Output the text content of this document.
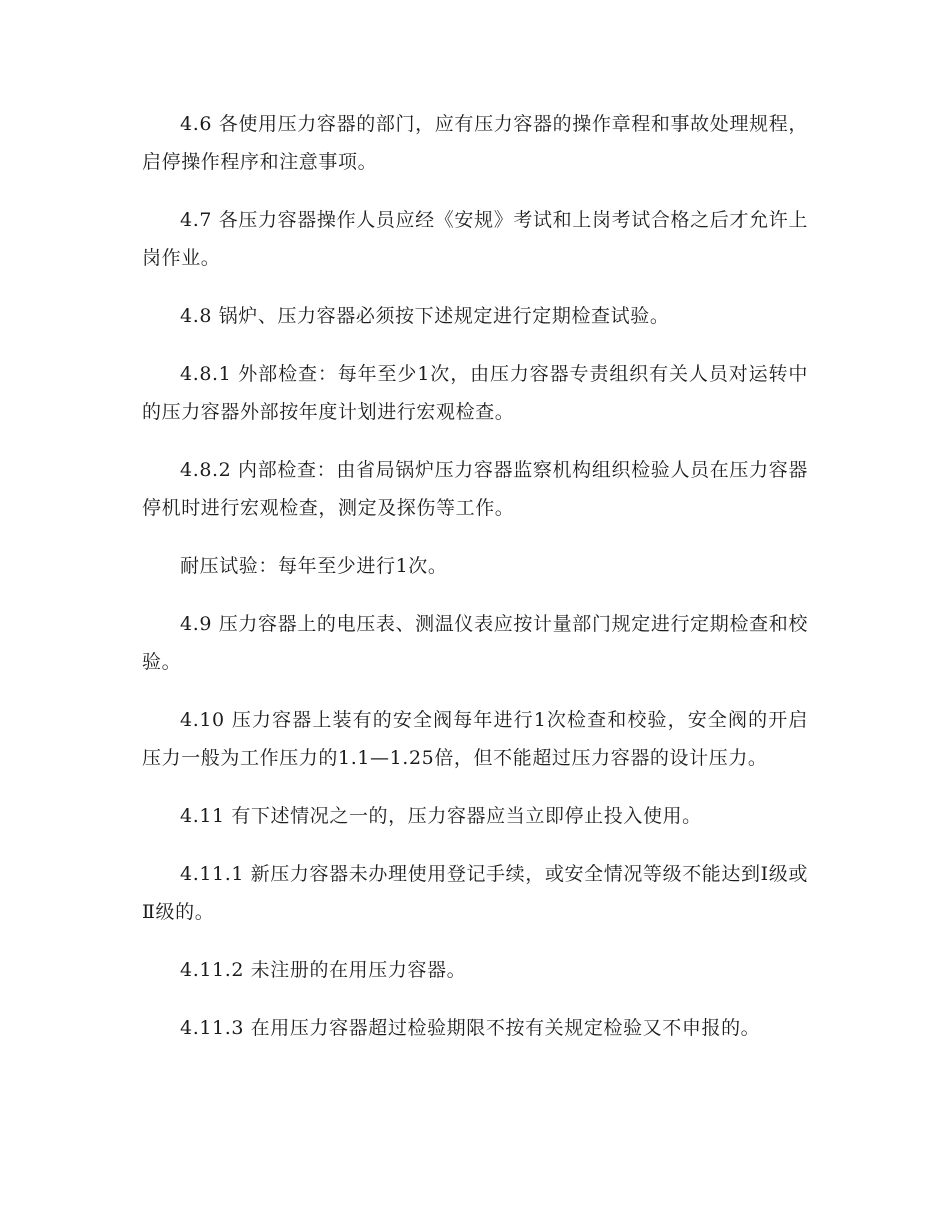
4.6 各使用压力容器的部门，应有压力容器的操作章程和事故处理规程，启停操作程序和注意事项。

4.7 各压力容器操作人员应经《安规》考试和上岗考试合格之后才允许上岗作业。

4.8 锅炉、压力容器必须按下述规定进行定期检查试验。

4.8.1 外部检查：每年至少1次，由压力容器专责组织有关人员对运转中的压力容器外部按年度计划进行宏观检查。

4.8.2 内部检查：由省局锅炉压力容器监察机构组织检验人员在压力容器停机时进行宏观检查，测定及探伤等工作。

耐压试验：每年至少进行1次。

4.9 压力容器上的电压表、测温仪表应按计量部门规定进行定期检查和校验。

4.10 压力容器上装有的安全阀每年进行1次检查和校验，安全阀的开启压力一般为工作压力的1.1—1.25倍，但不能超过压力容器的设计压力。

4.11 有下述情况之一的，压力容器应当立即停止投入使用。

4.11.1 新压力容器未办理使用登记手续，或安全情况等级不能达到Ⅰ级或Ⅱ级的。

4.11.2 未注册的在用压力容器。

4.11.3 在用压力容器超过检验期限不按有关规定检验又不申报的。
